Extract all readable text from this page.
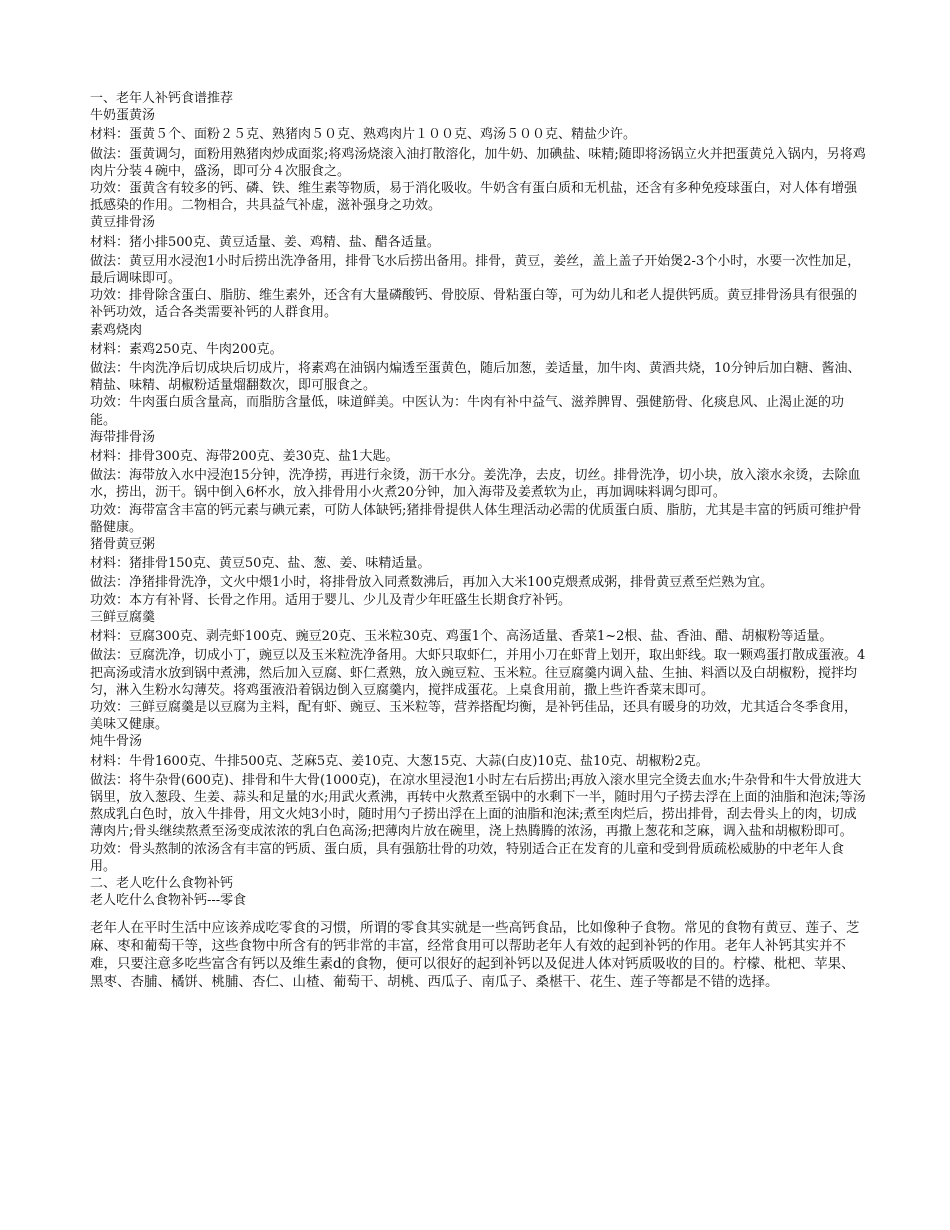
一、老年人补钙食谱推荐

牛奶蛋黄汤

材料：蛋黄５个、面粉２５克、熟猪肉５０克、熟鸡肉片１００克、鸡汤５００克、精盐少许。

做法：蛋黄调匀，面粉用熟猪肉炒成面浆;将鸡汤烧滚入油打散溶化，加牛奶、加碘盐、味精;随即将汤锅立火并把蛋黄兑入锅内，另将鸡肉片分装４碗中，盛汤，即可分４次服食之。

功效：蛋黄含有较多的钙、磷、铁、维生素等物质，易于消化吸收。牛奶含有蛋白质和无机盐，还含有多种免疫球蛋白，对人体有增强抵感染的作用。二物相合，共具益气补虚，滋补强身之功效。

黄豆排骨汤

材料：猪小排500克、黄豆适量、姜、鸡精、盐、醋各适量。

做法：黄豆用水浸泡1小时后捞出洗净备用，排骨飞水后捞出备用。排骨，黄豆，姜丝，盖上盖子开始煲2-3个小时，水要一次性加足，最后调味即可。

功效：排骨除含蛋白、脂肪、维生素外，还含有大量磷酸钙、骨胶原、骨粘蛋白等，可为幼儿和老人提供钙质。黄豆排骨汤具有很强的补钙功效，适合各类需要补钙的人群食用。

素鸡烧肉

材料：素鸡250克、牛肉200克。

做法：牛肉洗净后切成块后切成片，将素鸡在油锅内煸透至蛋黄色，随后加葱，姜适量，加牛肉、黄酒共烧，10分钟后加白糖、酱油、精盐、味精、胡椒粉适量熘翻数次，即可服食之。

功效：牛肉蛋白质含量高，而脂肪含量低，味道鲜美。中医认为：牛肉有补中益气、滋养脾胃、强健筋骨、化痰息风、止渴止涎的功能。

海带排骨汤

材料：排骨300克、海带200克、姜30克、盐1大匙。

做法：海带放入水中浸泡15分钟，洗净捞，再进行汆烫，沥干水分。姜洗净，去皮，切丝。排骨洗净，切小块，放入滚水汆烫，去除血水，捞出，沥干。锅中倒入6杯水，放入排骨用小火煮20分钟，加入海带及姜煮软为止，再加调味料调匀即可。

功效：海带富含丰富的钙元素与碘元素，可防人体缺钙;猪排骨提供人体生理活动必需的优质蛋白质、脂肪，尤其是丰富的钙质可维护骨骼健康。

猪骨黄豆粥

材料：猪排骨150克、黄豆50克、盐、葱、姜、味精适量。

做法：净猪排骨洗净，文火中煨1小时，将排骨放入同煮数沸后，再加入大米100克煨煮成粥，排骨黄豆煮至烂熟为宜。

功效：本方有补肾、长骨之作用。适用于婴儿、少儿及青少年旺盛生长期食疗补钙。

三鲜豆腐羹

材料：豆腐300克、剥壳虾100克、豌豆20克、玉米粒30克、鸡蛋1个、高汤适量、香菜1~2根、盐、香油、醋、胡椒粉等适量。

做法：豆腐洗净，切成小丁，豌豆以及玉米粒洗净备用。大虾只取虾仁，并用小刀在虾背上划开，取出虾线。取一颗鸡蛋打散成蛋液。4把高汤或清水放到锅中煮沸，然后加入豆腐、虾仁煮熟，放入豌豆粒、玉米粒。往豆腐羹内调入盐、生抽、料酒以及白胡椒粉，搅拌均匀，淋入生粉水勾薄芡。将鸡蛋液沿着锅边倒入豆腐羹内，搅拌成蛋花。上桌食用前，撒上些许香菜末即可。

功效：三鲜豆腐羹是以豆腐为主料，配有虾、豌豆、玉米粒等，营养搭配均衡，是补钙佳品，还具有暖身的功效，尤其适合冬季食用，美味又健康。

炖牛骨汤

材料：牛骨1600克、牛排500克、芝麻5克、姜10克、大葱15克、大蒜(白皮)10克、盐10克、胡椒粉2克。

做法：将牛杂骨(600克)、排骨和牛大骨(1000克)，在凉水里浸泡1小时左右后捞出;再放入滚水里完全烫去血水;牛杂骨和牛大骨放进大锅里，放入葱段、生姜、蒜头和足量的水;用武火煮沸，再转中火熬煮至锅中的水剩下一半，随时用勺子捞去浮在上面的油脂和泡沫;等汤熬成乳白色时，放入牛排骨，用文火炖3小时，随时用勺子捞出浮在上面的油脂和泡沫;煮至肉烂后，捞出排骨，刮去骨头上的肉，切成薄肉片;骨头继续熬煮至汤变成浓浓的乳白色高汤;把薄肉片放在碗里，浇上热腾腾的浓汤，再撒上葱花和芝麻，调入盐和胡椒粉即可。

功效：骨头熬制的浓汤含有丰富的钙质、蛋白质，具有强筋壮骨的功效，特别适合正在发育的儿童和受到骨质疏松威胁的中老年人食用。

二、老人吃什么食物补钙

老人吃什么食物补钙---零食

老年人在平时生活中应该养成吃零食的习惯，所谓的零食其实就是一些高钙食品，比如像种子食物。常见的食物有黄豆、莲子、芝麻、枣和葡萄干等，这些食物中所含有的钙非常的丰富，经常食用可以帮助老年人有效的起到补钙的作用。老年人补钙其实并不难，只要注意多吃些富含有钙以及维生素d的食物，便可以很好的起到补钙以及促进人体对钙质吸收的目的。柠檬、枇杷、苹果、黑枣、杏脯、橘饼、桃脯、杏仁、山楂、葡萄干、胡桃、西瓜子、南瓜子、桑椹干、花生、莲子等都是不错的选择。
